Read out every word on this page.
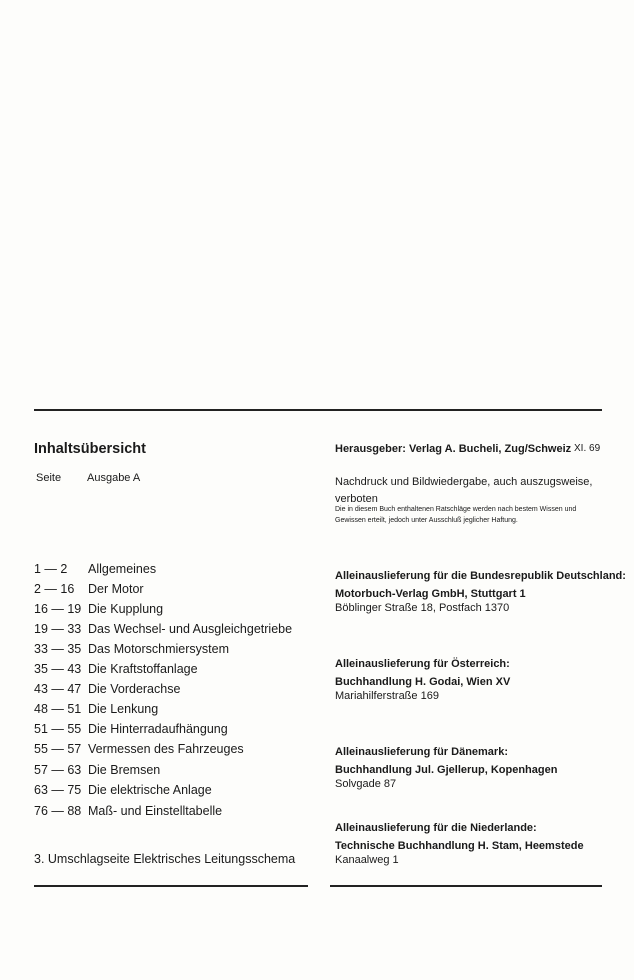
Inhaltsübersicht
Seite Ausgabe A
1 — 2	Allgemeines
2 — 16	Der Motor
16 — 19 Die Kupplung
19 — 33 Das Wechsel- und Ausgleichgetriebe
33 — 35 Das Motorschmiersystem
35 — 43 Die Kraftstoffanlage
43 — 47 Die Vorderachse
48 — 51 Die Lenkung
51 — 55 Die Hinterradaufhängung
55 — 57 Vermessen des Fahrzeuges
57 — 63 Die Bremsen
63 — 75 Die elektrische Anlage
76 — 88 Maß- und Einstelltabelle
3. Umschlagseite Elektrisches Leitungsschema
Herausgeber: Verlag A. Bucheli, Zug/Schweiz XI. 69
Nachdruck und Bildwiedergabe, auch auszugsweise, verboten
Die in diesem Buch enthaltenen Ratschläge werden nach bestem Wissen und Gewissen erteilt, jedoch unter Ausschluß jeglicher Haftung.
Alleinauslieferung für die Bundesrepublik Deutschland:
Motorbuch-Verlag GmbH, Stuttgart 1
Böblinger Straße 18, Postfach 1370
Alleinauslieferung für Österreich:
Buchhandlung H. Godai, Wien XV
Mariahilferstraße 169
Alleinauslieferung für Dänemark:
Buchhandlung Jul. Gjellerup, Kopenhagen
Solvgade 87
Alleinauslieferung für die Niederlande:
Technische Buchhandlung H. Stam, Heemstede
Kanaalweg 1
